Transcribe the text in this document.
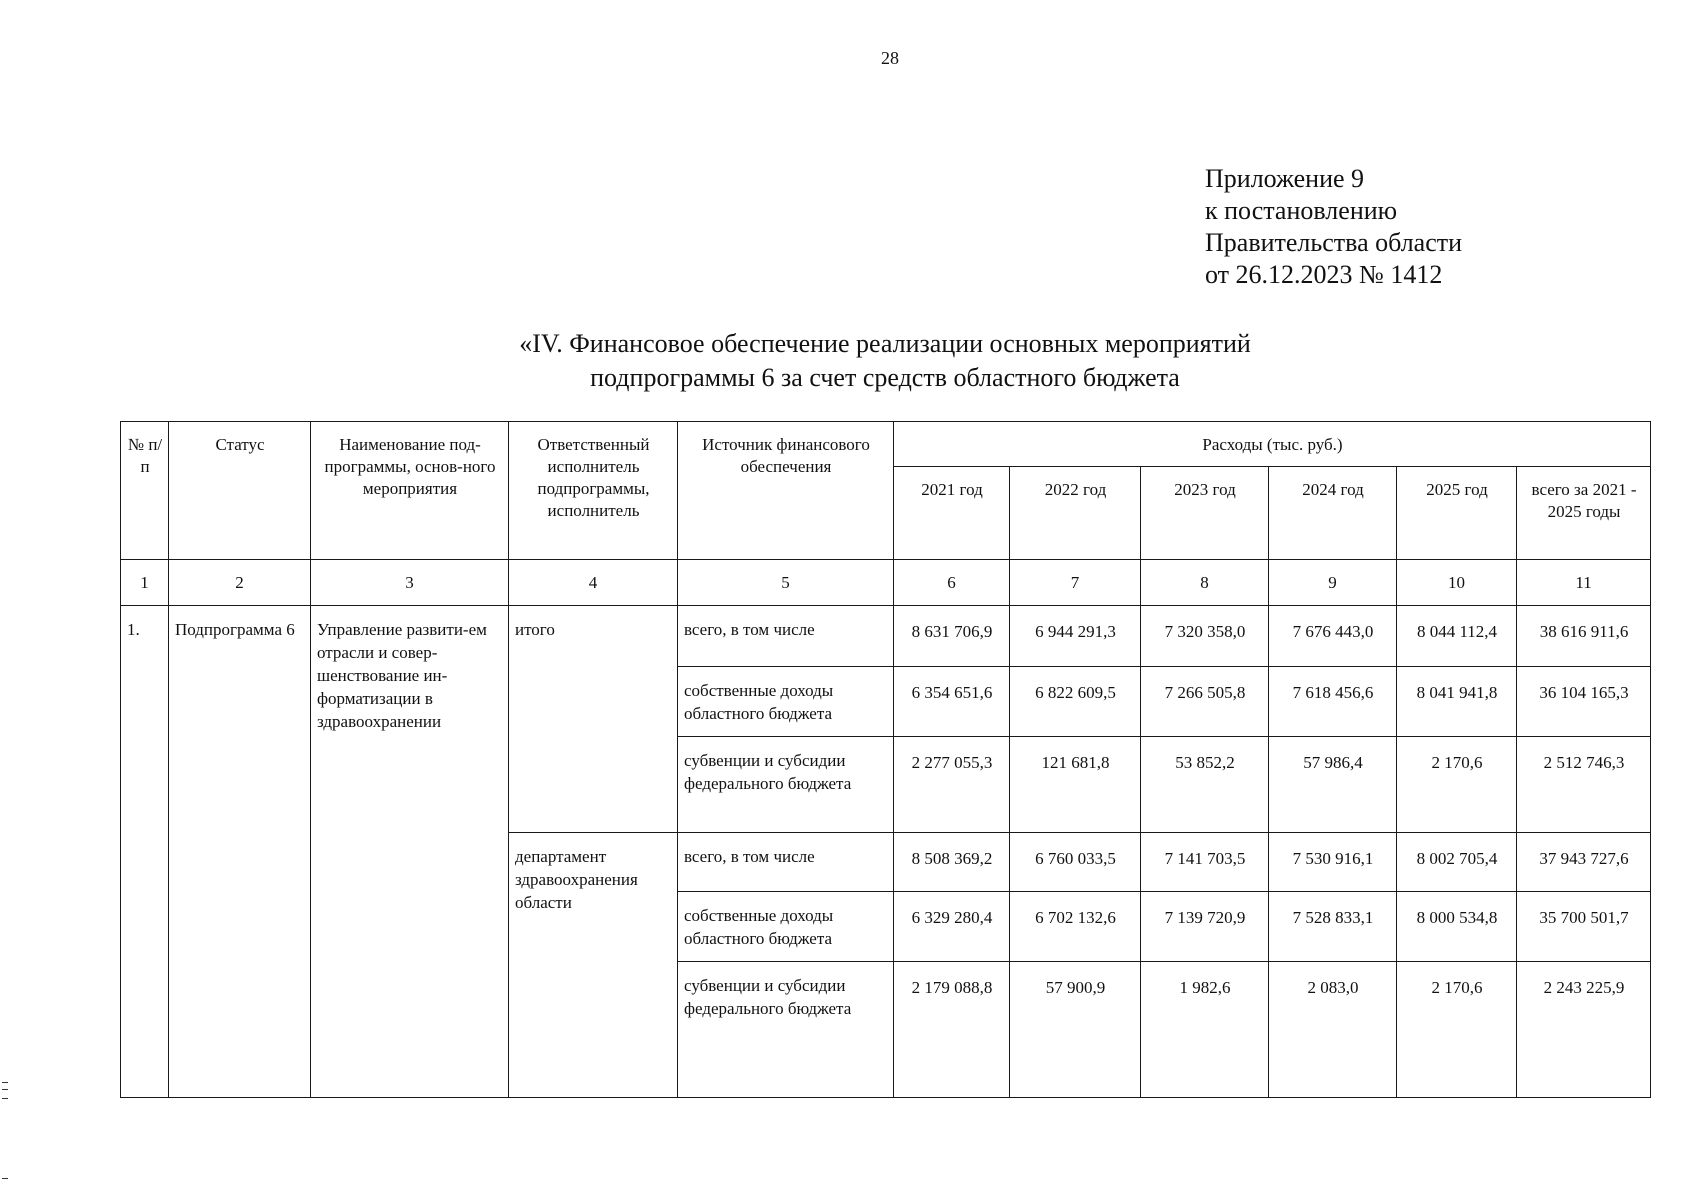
28
Приложение 9
к постановлению
Правительства области
от 26.12.2023 № 1412
«IV. Финансовое обеспечение реализации основных мероприятий
подпрограммы 6 за счет средств областного бюджета
№ п/п	Статус	Наименование под-программы, основ-ного мероприятия	Ответственный исполнитель подпрограммы, исполнитель	Источник финансового обеспечения	Расходы (тыс. руб.)					
					2021 год	2022 год	2023 год	2024 год	2025 год	всего за 2021 - 2025 годы
1	2	3	4	5	6	7	8	9	10	11
1.	Подпрограмма 6	Управление развити-ем отрасли и совер-шенствование ин-форматизации в здравоохранении	итого	всего, в том числе	8 631 706,9	6 944 291,3	7 320 358,0	7 676 443,0	8 044 112,4	38 616 911,6
				собственные доходы областного бюджета	6 354 651,6	6 822 609,5	7 266 505,8	7 618 456,6	8 041 941,8	36 104 165,3
				субвенции и субсидии федерального бюджета	2 277 055,3	121 681,8	53 852,2	57 986,4	2 170,6	2 512 746,3
			департамент здравоохранения области	всего, в том числе	8 508 369,2	6 760 033,5	7 141 703,5	7 530 916,1	8 002 705,4	37 943 727,6
				собственные доходы областного бюджета	6 329 280,4	6 702 132,6	7 139 720,9	7 528 833,1	8 000 534,8	35 700 501,7
				субвенции и субсидии федерального бюджета	2 179 088,8	57 900,9	1 982,6	2 083,0	2 170,6	2 243 225,9
